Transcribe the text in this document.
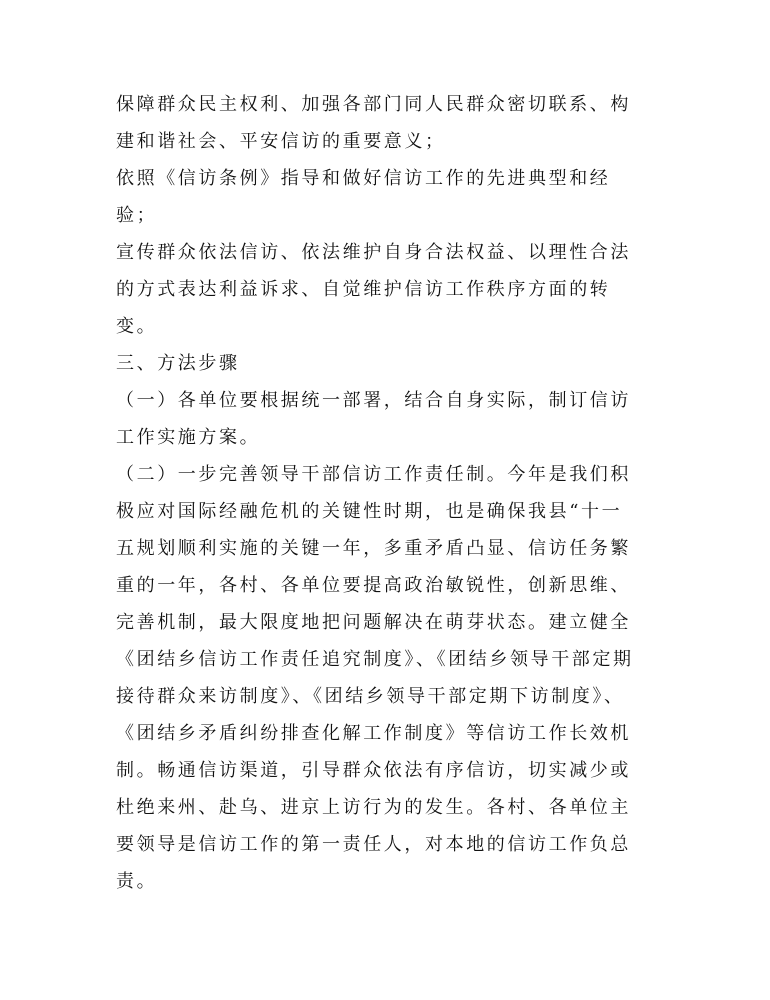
保障群众民主权利、加强各部门同人民群众密切联系、构
建和谐社会、平安信访的重要意义；
依照《信访条例》指导和做好信访工作的先进典型和经
验；
宣传群众依法信访、依法维护自身合法权益、以理性合法
的方式表达利益诉求、自觉维护信访工作秩序方面的转
变。
三、方法步骤
（一）各单位要根据统一部署，结合自身实际，制订信访
工作实施方案。
（二）一步完善领导干部信访工作责任制。今年是我们积
极应对国际经融危机的关键性时期，也是确保我县“十一
五规划顺利实施的关键一年，多重矛盾凸显、信访任务繁
重的一年，各村、各单位要提高政治敏锐性，创新思维、
完善机制，最大限度地把问题解决在萌芽状态。建立健全
《团结乡信访工作责任追究制度》、《团结乡领导干部定期
接待群众来访制度》、《团结乡领导干部定期下访制度》、
《团结乡矛盾纠纷排查化解工作制度》等信访工作长效机
制。畅通信访渠道，引导群众依法有序信访，切实减少或
杜绝来州、赴乌、进京上访行为的发生。各村、各单位主
要领导是信访工作的第一责任人，对本地的信访工作负总
责。
